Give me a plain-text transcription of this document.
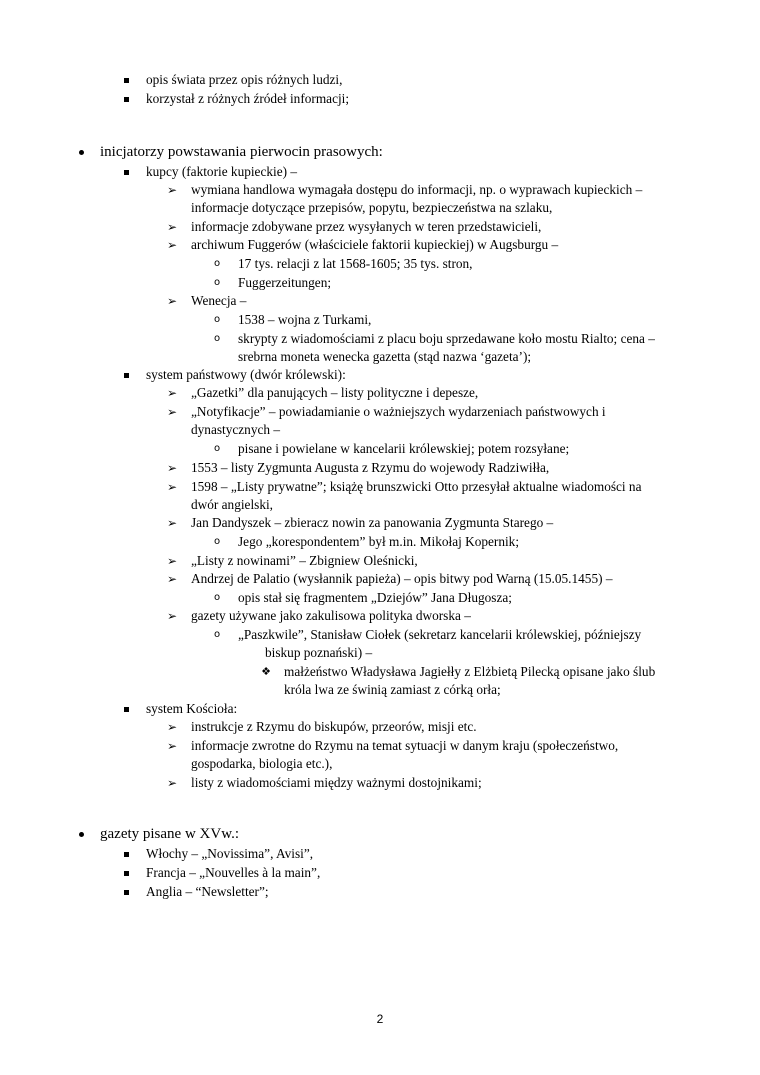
opis świata przez opis różnych ludzi,
korzystał z różnych źródeł informacji;
inicjatorzy powstawania pierwocin prasowych:
kupcy (faktorie kupieckie) –
➢ wymiana handlowa wymagała dostępu do informacji, np. o wyprawach kupieckich –
informacje dotyczące przepisów, popytu, bezpieczeństwa na szlaku,
➢ informacje zdobywane przez wysyłanych w teren przedstawicieli,
➢ archiwum Fuggerów (właściciele faktorii kupieckiej) w Augsburgu –
o 17 tys. relacji z lat 1568-1605; 35 tys. stron,
o Fuggerzeitungen;
➢ Wenecja –
o 1538 – wojna z Turkami,
o skrypty z wiadomościami z placu boju sprzedawane koło mostu Rialto; cena –
srebrna moneta wenecka gazetta (stąd nazwa ‘gazeta’);
system państwowy (dwór królewski):
➢ „Gazetki” dla panujących – listy polityczne i depesze,
➢ „Notyfikacje” – powiadamianie o ważniejszych wydarzeniach państwowych i
dynastycznych –
o pisane i powielane w kancelarii królewskiej; potem rozsyłane;
➢ 1553 – listy Zygmunta Augusta z Rzymu do wojewody Radziwiłła,
➢ 1598 – „Listy prywatne”; książę brunszwicki Otto przesyłał aktualne wiadomości na
dwór angielski,
➢ Jan Dandyszek – zbieracz nowin za panowania Zygmunta Starego –
o Jego „korespondentem” był m.in. Mikołaj Kopernik;
➢ „Listy z nowinami” – Zbigniew Oleśnicki,
➢ Andrzej de Palatio (wysłannik papieża) – opis bitwy pod Warną (15.05.1455) –
o opis stał się fragmentem „Dziejów” Jana Długosza;
➢ gazety używane jako zakulisowa polityka dworska –
o „Paszkwile”, Stanisław Ciołek (sekretarz kancelarii królewskiej, późniejszy
biskup poznański) –
❖ małżeństwo Władysława Jagiełły z Elżbietą Pilecką opisane jako ślub
króla lwa ze świnią zamiast z córką orła;
system Kościoła:
➢ instrukcje z Rzymu do biskupów, przeorów, misji etc.
➢ informacje zwrotne do Rzymu na temat sytuacji w danym kraju (społeczeństwo,
gospodarka, biologia etc.),
➢ listy z wiadomościami między ważnymi dostojnikami;
gazety pisane w XVw.:
Włochy – „Novissima”, Avisi”,
Francja – „Nouvelles à la main”,
Anglia – “Newsletter”;
2
